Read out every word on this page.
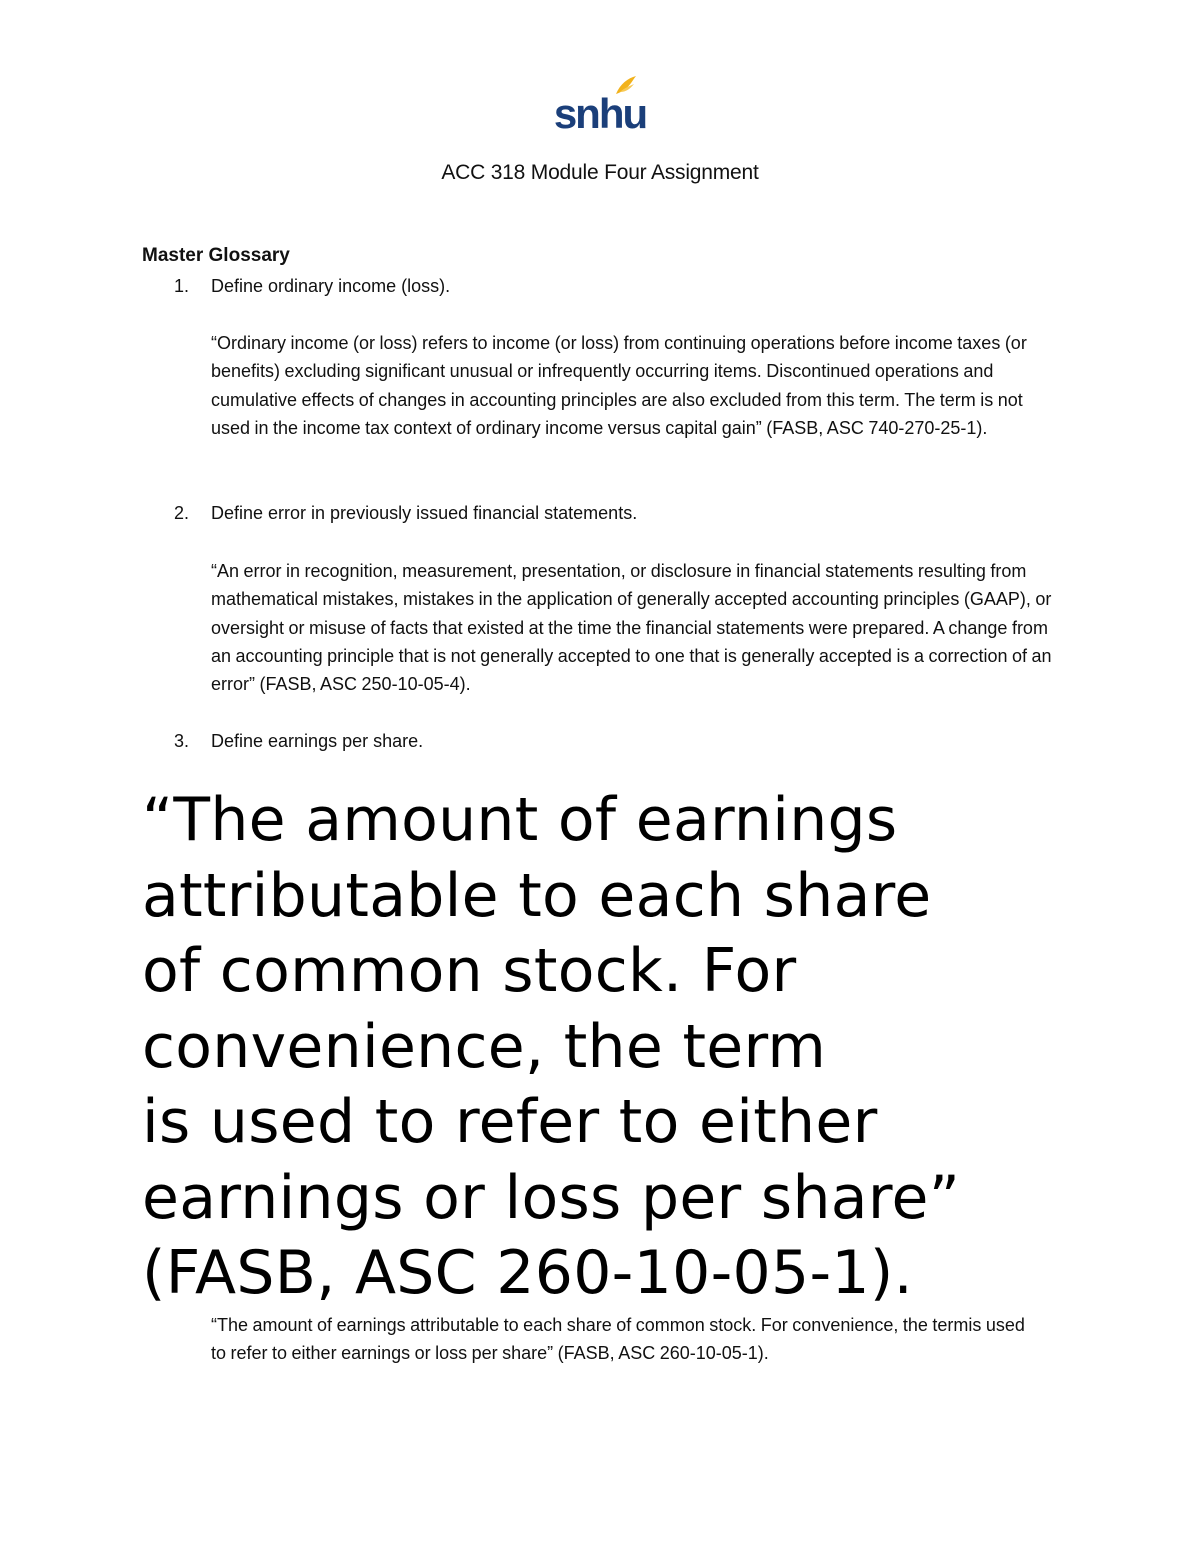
snhu
ACC 318 Module Four Assignment
Master Glossary
1. Define ordinary income (loss).
“Ordinary income (or loss) refers to income (or loss) from continuing operations before income taxes (or benefits) excluding significant unusual or infrequently occurring items. Discontinued operations and cumulative effects of changes in accounting principles are also excluded from this term. The term is not used in the income tax context of ordinary income versus capital gain” (FASB, ASC 740-270-25-1).
2. Define error in previously issued financial statements.
“An error in recognition, measurement, presentation, or disclosure in financial statements resulting from mathematical mistakes, mistakes in the application of generally accepted accounting principles (GAAP), or oversight or misuse of facts that existed at the time the financial statements were prepared. A change from an accounting principle that is not generally accepted to one that is generally accepted is a correction of an error” (FASB, ASC 250-10-05-4).
3. Define earnings per share.
“The amount of earnings
attributable to each share
of common stock. For
convenience, the term
is used to refer to either
earnings or loss per share”
(FASB, ASC 260-10-05-1).
“The amount of earnings attributable to each share of common stock. For convenience, the termis used to refer to either earnings or loss per share” (FASB, ASC 260-10-05-1).
